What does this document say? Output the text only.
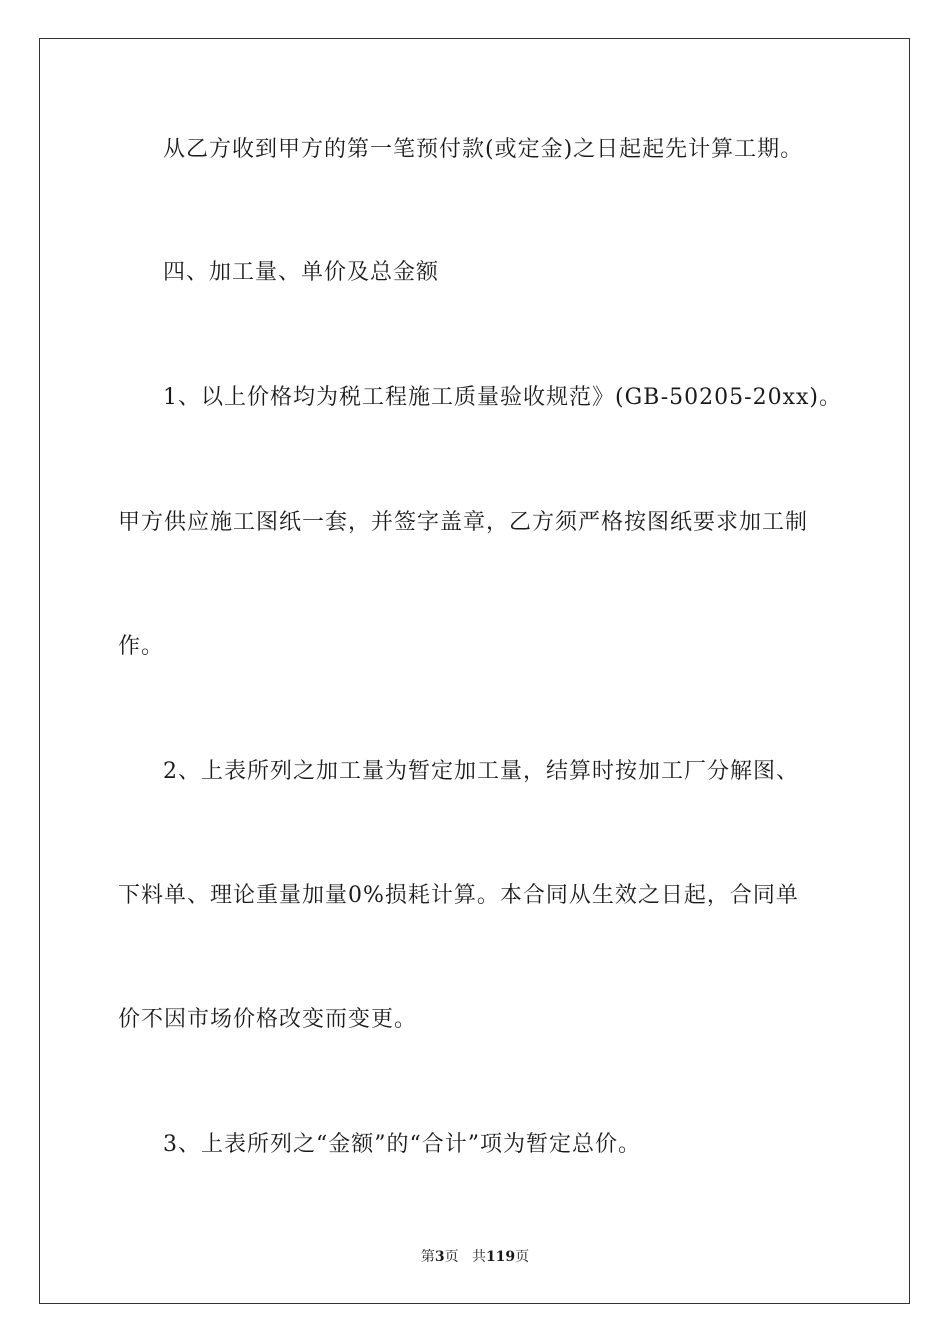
从乙方收到甲方的第一笔预付款(或定金)之日起起先计算工期。
四、加工量、单价及总金额
1、以上价格均为税工程施工质量验收规范》(GB-50205-20xx)。
甲方供应施工图纸一套，并签字盖章，乙方须严格按图纸要求加工制
作。
2、上表所列之加工量为暂定加工量，结算时按加工厂分解图、
下料单、理论重量加量0%损耗计算。本合同从生效之日起，合同单
价不因市场价格改变而变更。
3、上表所列之“金额”的“合计”项为暂定总价。
第3页 共119页
